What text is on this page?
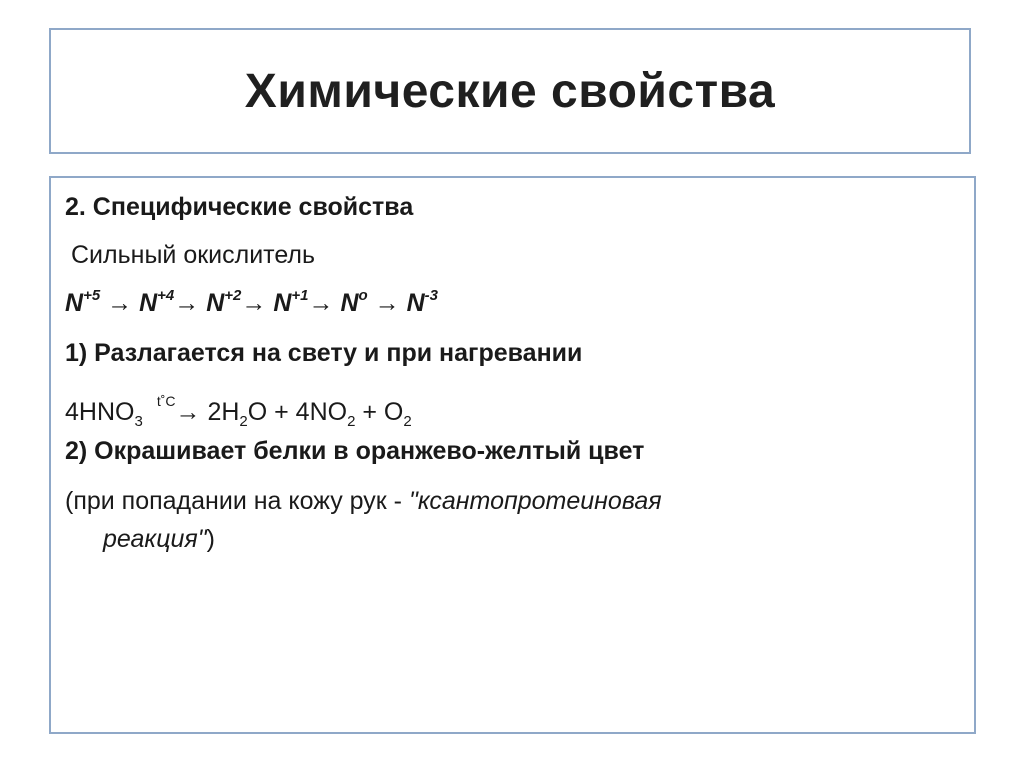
Химические свойства
2. Специфические свойства
Сильный окислитель
$N^{+5} \to N^{+4}\to N^{+2}\to N^{+1}\to N^o \to N^{-3}$
1) Разлагается на свету и при нагревании
$4HNO_3^{t˚C}\to 2H_2O + 4NO_2 + O_2$
2) Окрашивает белки в оранжево-желтый цвет
(при попадании на кожу рук - "ксантопротеиновая
реакция")
